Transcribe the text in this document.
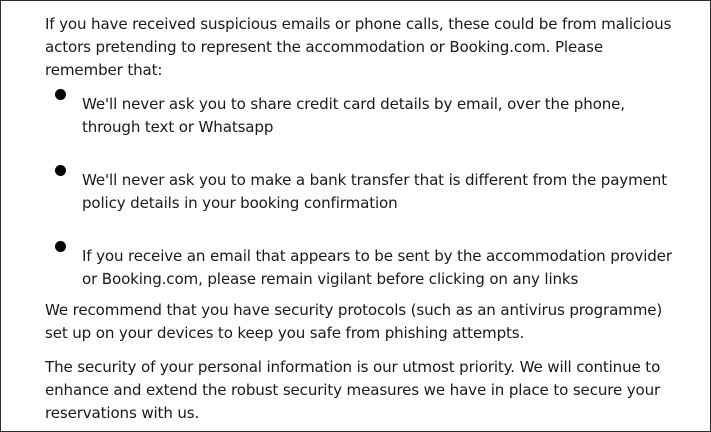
If you have received suspicious emails or phone calls, these could be from malicious actors pretending to represent the accommodation or Booking.com. Please remember that:

We'll never ask you to share credit card details by email, over the phone, through text or Whatsapp
We'll never ask you to make a bank transfer that is different from the payment policy details in your booking confirmation
If you receive an email that appears to be sent by the accommodation provider or Booking.com, please remain vigilant before clicking on any links

We recommend that you have security protocols (such as an antivirus programme) set up on your devices to keep you safe from phishing attempts.

The security of your personal information is our utmost priority. We will continue to enhance and extend the robust security measures we have in place to secure your reservations with us.
